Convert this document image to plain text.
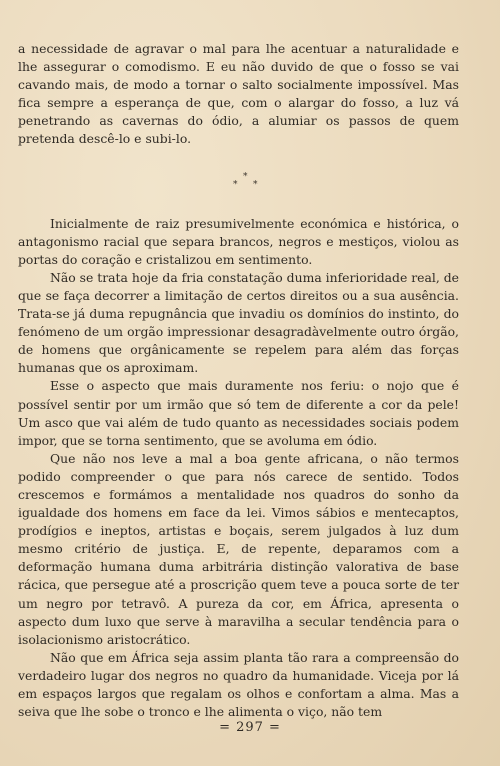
a necessidade de agravar o mal para lhe acentuar a naturalidade e lhe assegurar o comodismo. E eu não duvido de que o fosso se vai cavando mais, de modo a tornar o salto socialmente impossível. Mas fica sempre a esperança de que, com o alargar do fosso, a luz vá penetrando as cavernas do ódio, a alumiar os passos de quem pretenda descê-lo e subi-lo.

*
*
*

Inicialmente de raiz presumivelmente económica e histórica, o antagonismo racial que separa brancos, negros e mestiços, violou as portas do coração e cristalizou em sentimento.

Não se trata hoje da fria constatação duma inferioridade real, de que se faça decorrer a limitação de certos direitos ou a sua ausência. Trata-se já duma repugnância que invadiu os domínios do instinto, do fenómeno de um orgão impressionar desagradàvelmente outro órgão, de homens que orgânicamente se repelem para além das forças humanas que os aproximam.

Esse o aspecto que mais duramente nos feriu: o nojo que é possível sentir por um irmão que só tem de diferente a cor da pele! Um asco que vai além de tudo quanto as necessidades sociais podem impor, que se torna sentimento, que se avoluma em ódio.

Que não nos leve a mal a boa gente africana, o não termos podido compreender o que para nós carece de sentido. Todos crescemos e formámos a mentalidade nos quadros do sonho da igualdade dos homens em face da lei. Vimos sábios e mentecaptos, prodígios e ineptos, artistas e boçais, serem julgados à luz dum mesmo critério de justiça. E, de repente, deparamos com a deformação humana duma arbitrária distinção valorativa de base rácica, que persegue até a proscrição quem teve a pouca sorte de ter um negro por tetravô. A pureza da cor, em África, apresenta o aspecto dum luxo que serve à maravilha a secular tendência para o isolacionismo aristocrático.

Não que em África seja assim planta tão rara a compreensão do verdadeiro lugar dos negros no quadro da humanidade. Viceja por lá em espaços largos que regalam os olhos e confortam a alma. Mas a seiva que lhe sobe o tronco e lhe alimenta o viço, não tem

= 297 =
